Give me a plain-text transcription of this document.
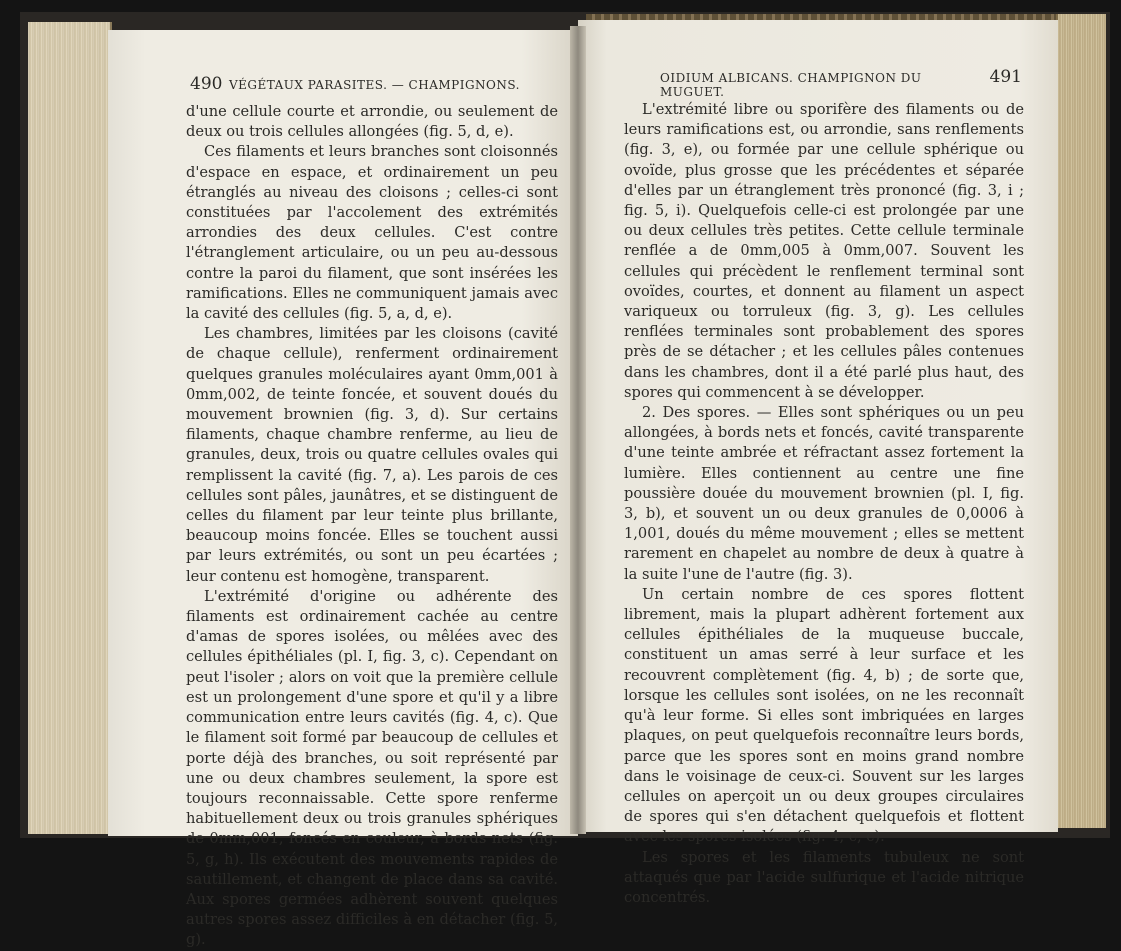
490 VÉGÉTAUX PARASITES. — CHAMPIGNONS.

d'une cellule courte et arrondie, ou seulement de deux ou trois cellules allongées (fig. 5, d, e).

Ces filaments et leurs branches sont cloisonnés d'espace en espace, et ordinairement un peu étranglés au niveau des cloisons ; celles-ci sont constituées par l'accolement des extrémités arrondies des deux cellules. C'est contre l'étranglement articulaire, ou un peu au-dessous contre la paroi du filament, que sont insérées les ramifications. Elles ne communiquent jamais avec la cavité des cellules (fig. 5, a, d, e).

Les chambres, limitées par les cloisons (cavité de chaque cellule), renferment ordinairement quelques granules moléculaires ayant 0mm,001 à 0mm,002, de teinte foncée, et souvent doués du mouvement brownien (fig. 3, d). Sur certains filaments, chaque chambre renferme, au lieu de granules, deux, trois ou quatre cellules ovales qui remplissent la cavité (fig. 7, a). Les parois de ces cellules sont pâles, jaunâtres, et se distinguent de celles du filament par leur teinte plus brillante, beaucoup moins foncée. Elles se touchent aussi par leurs extrémités, ou sont un peu écartées ; leur contenu est homogène, transparent.

L'extrémité d'origine ou adhérente des filaments est ordinairement cachée au centre d'amas de spores isolées, ou mêlées avec des cellules épithéliales (pl. I, fig. 3, c). Cependant on peut l'isoler ; alors on voit que la première cellule est un prolongement d'une spore et qu'il y a libre communication entre leurs cavités (fig. 4, c). Que le filament soit formé par beaucoup de cellules et porte déjà des branches, ou soit représenté par une ou deux chambres seulement, la spore est toujours reconnaissable. Cette spore renferme habituellement deux ou trois granules sphériques de 0mm,001, foncés en couleur, à bords nets (fig. 5, g, h). Ils exécutent des mouvements rapides de sautillement, et changent de place dans sa cavité. Aux spores germées adhèrent souvent quelques autres spores assez difficiles à en détacher (fig. 5, g).

OIDIUM ALBICANS. CHAMPIGNON DU MUGUET.
491

L'extrémité libre ou sporifère des filaments ou de leurs ramifications est, ou arrondie, sans renflements (fig. 3, e), ou formée par une cellule sphérique ou ovoïde, plus grosse que les précédentes et séparée d'elles par un étranglement très prononcé (fig. 3, i ; fig. 5, i). Quelquefois celle-ci est prolongée par une ou deux cellules très petites. Cette cellule terminale renflée a de 0mm,005 à 0mm,007. Souvent les cellules qui précèdent le renflement terminal sont ovoïdes, courtes, et donnent au filament un aspect variqueux ou torruleux (fig. 3, g). Les cellules renflées terminales sont probablement des spores près de se détacher ; et les cellules pâles contenues dans les chambres, dont il a été parlé plus haut, des spores qui commencent à se développer.

2. Des spores. — Elles sont sphériques ou un peu allongées, à bords nets et foncés, cavité transparente d'une teinte ambrée et réfractant assez fortement la lumière. Elles contiennent au centre une fine poussière douée du mouvement brownien (pl. I, fig. 3, b), et souvent un ou deux granules de 0,0006 à 1,001, doués du même mouvement ; elles se mettent rarement en chapelet au nombre de deux à quatre à la suite l'une de l'autre (fig. 3).

Un certain nombre de ces spores flottent librement, mais la plupart adhèrent fortement aux cellules épithéliales de la muqueuse buccale, constituent un amas serré à leur surface et les recouvrent complètement (fig. 4, b) ; de sorte que, lorsque les cellules sont isolées, on ne les reconnaît qu'à leur forme. Si elles sont imbriquées en larges plaques, on peut quelquefois reconnaître leurs bords, parce que les spores sont en moins grand nombre dans le voisinage de ceux-ci. Souvent sur les larges cellules on aperçoit un ou deux groupes circulaires de spores qui s'en détachent quelquefois et flottent avec les spores isolées (fig. 4, c, c).

Les spores et les filaments tubuleux ne sont attaqués que par l'acide sulfurique et l'acide nitrique concentrés.
